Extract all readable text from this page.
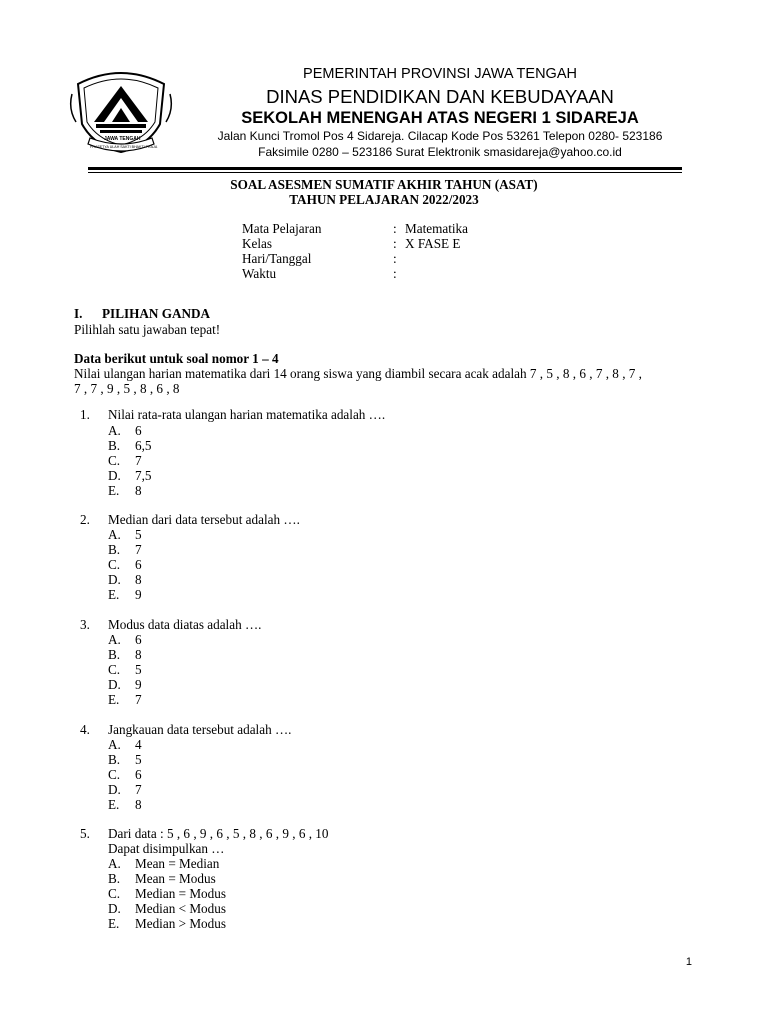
JAWA TENGAH
PRASETYA ULAH SAKTI BHAKTI PRAJA
PEMERINTAH PROVINSI JAWA TENGAH
DINAS PENDIDIKAN DAN KEBUDAYAAN
SEKOLAH MENENGAH ATAS NEGERI 1 SIDAREJA
Jalan Kunci Tromol Pos 4 Sidareja. Cilacap Kode Pos 53261 Telepon 0280- 523186
Faksimile 0280 – 523186 Surat Elektronik smasidareja@yahoo.co.id
SOAL ASESMEN SUMATIF AKHIR TAHUN (ASAT)
TAHUN PELAJARAN 2022/2023
Mata Pelajaran	: Matematika
Kelas	: X FASE E
Hari/Tanggal	:
Waktu	:
I. PILIHAN GANDA
Pilihlah satu jawaban tepat!
Data berikut untuk soal nomor 1 – 4
Nilai ulangan harian matematika dari 14 orang siswa yang diambil secara acak adalah 7 , 5 , 8 , 6 , 7 , 8 , 7 ,
7 , 7 , 9 , 5 , 8 , 6 , 8
1. Nilai rata-rata ulangan harian matematika adalah ….
A. 6
B. 6,5
C. 7
D. 7,5
E. 8
2. Median dari data tersebut adalah ….
A. 5
B. 7
C. 6
D. 8
E. 9
3. Modus data diatas adalah ….
A. 6
B. 8
C. 5
D. 9
E. 7
4. Jangkauan data tersebut adalah ….
A. 4
B. 5
C. 6
D. 7
E. 8
5. Dari data : 5 , 6 , 9 , 6 , 5 , 8 , 6 , 9 , 6 , 10
Dapat disimpulkan …
A. Mean = Median
B. Mean = Modus
C. Median = Modus
D. Median < Modus
E. Median > Modus
1
